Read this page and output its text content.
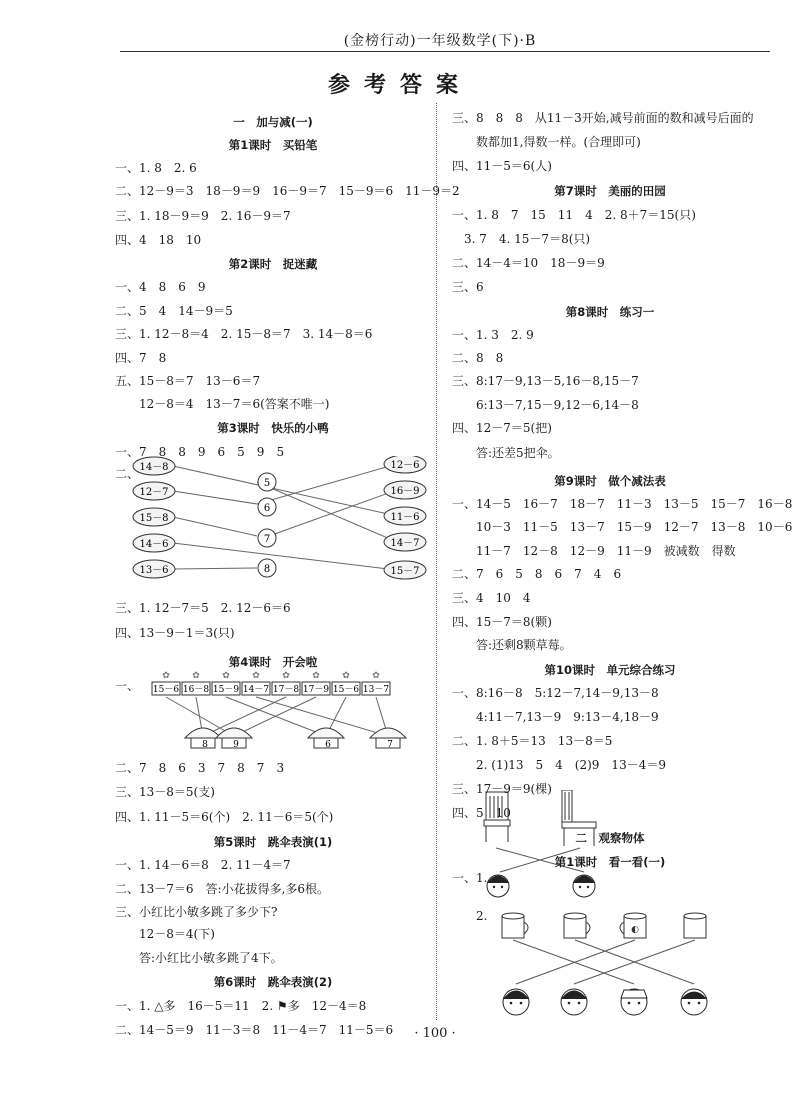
(金榜行动)一年级数学(下)·B
参考答案
14－8
12－7
15－8
14－6
13－6
5
6
7
8
12－6
16－9
11－6
14－7
15－7
✿
15－6
✿
16－8
✿
15－9
✿
14－7
✿
17－8
✿
17－9
✿
15－6
✿
13－7
8	9	6	7
一　加与减(一)
第1课时　买铅笔
一、1. 8　2. 6
二、12－9＝3　18－9＝9　16－9＝7　15－9＝6　11－9＝2
三、1. 18－9＝9　2. 16－9＝7
四、4　18　10
第2课时　捉迷藏
一、4　8　6　9
二、5　4　14－9＝5
三、1. 12－8＝4　2. 15－8＝7　3. 14－8＝6
四、7　8
五、15－8＝7　13－6＝7
　　12－8＝4　13－7＝6(答案不唯一)
第3课时　快乐的小鸭
一、7　8　8　9　6　5　9　5
二、
三、1. 12－7＝5　2. 12－6＝6
四、13－9－1＝3(只)
第4课时　开会啦
一、
二、7　8　6　3　7　8　7　3
三、13－8＝5(支)
四、1. 11－5＝6(个)　2. 11－6＝5(个)
第5课时　跳伞表演(1)
一、1. 14－6＝8　2. 11－4＝7
二、13－7＝6　答:小花拔得多,多6根。
三、小红比小敏多跳了多少下?
　　12－8＝4(下)
　　答:小红比小敏多跳了4下。
第6课时　跳伞表演(2)
一、1. △多　16－5＝11　2. ⚑多　12－4＝8
二、14－5＝9　11－3＝8　11－4＝7　11－5＝6
◐
三、8　8　8　从11－3开始,减号前面的数和减号后面的
　　数都加1,得数一样。(合理即可)
四、11－5＝6(人)
第7课时　美丽的田园
一、1. 8　7　15　11　4　2. 8＋7＝15(只)
　3. 7　4. 15－7＝8(只)
二、14－4＝10　18－9＝9
三、6
第8课时　练习一
一、1. 3　2. 9
二、8　8
三、8:17－9,13－5,16－8,15－7
　　6:13－7,15－9,12－6,14－8
四、12－7＝5(把)
　　答:还差5把伞。
第9课时　做个减法表
一、14－5　16－7　18－7　11－3　13－5　15－7　16－8
　　10－3　11－5　13－7　15－9　12－7　13－8　10－6
　　11－7　12－8　12－9　11－9　被减数　得数
二、7　6　5　8　6　7　4　6
三、4　10　4
四、15－7＝8(颗)
　　答:还剩8颗草莓。
第10课时　单元综合练习
一、8:16－8　5:12－7,14－9,13－8
　　4:11－7,13－9　9:13－4,18－9
二、1. 8＋5＝13　13－8＝5
　　2. (1)13　5　4　(2)9　13－4＝9
三、17－9＝9(棵)
四、5　10
二　观察物体
第1课时　看一看(一)
一、1.
　　2.
· 100 ·
